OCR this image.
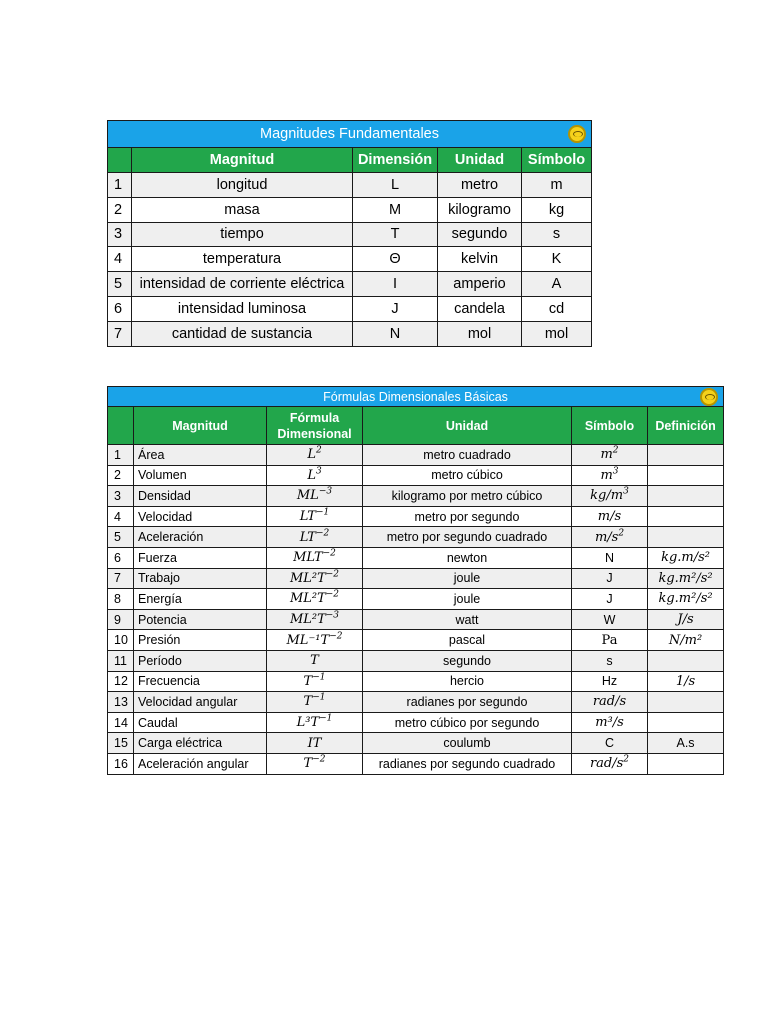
Magnitudes Fundamentales				

	Magnitud	Dimensión	Unidad	Símbolo
1	longitud	L	metro	m
2	masa	M	kilogramo	kg
3	tiempo	T	segundo	s
4	temperatura	Θ	kelvin	K
5	intensidad de corriente eléctrica	I	amperio	A
6	intensidad luminosa	J	candela	cd
7	cantidad de sustancia	N	mol	mol
Fórmulas Dimensionales Básicas					

	Magnitud	Fórmula
Dimensional	Unidad	Símbolo	Definición
1	Área	$L^2$	metro cuadrado	$m^2$	
2	Volumen	$L^3$	metro cúbico	$m^3$	
3	Densidad	$ML^{-3}$	kilogramo por metro cúbico	$kg/m^3$	
4	Velocidad	$LT^{-1}$	metro por segundo	m/s	
5	Aceleración	$LT^{-2}$	metro por segundo cuadrado	$m/s^2$	
6	Fuerza	$MLT^{-2}$	newton	N	kg.m/s²
7	Trabajo	$ML^2T^{-2}$	joule	J	kg.m²/s²
8	Energía	$ML^2T^{-2}$	joule	J	kg.m²/s²
9	Potencia	$ML^2T^{-3}$	watt	W	J/s
10	Presión	$ML^{-1}T^{-2}$	pascal	Pa	N/m²
11	Período	T	segundo	s	
12	Frecuencia	$T^{-1}$	hercio	Hz	1/s
13	Velocidad angular	$T^{-1}$	radianes por segundo	rad/s	
14	Caudal	$L^3T^{-1}$	metro cúbico por segundo	m³/s	
15	Carga eléctrica	IT	coulumb	C	A.s
16	Aceleración angular	$T^{-2}$	radianes por segundo cuadrado	rad/$s^2$	
